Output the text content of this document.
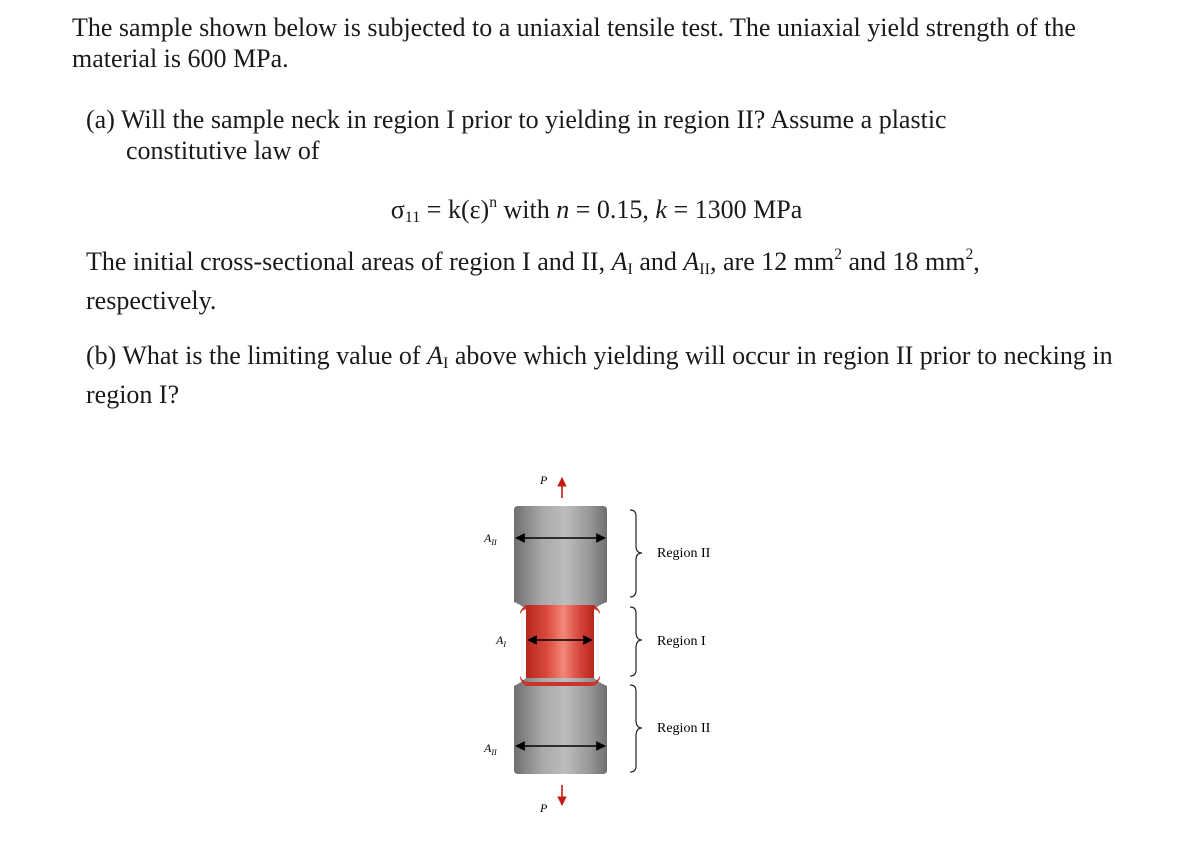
The sample shown below is subjected to a uniaxial tensile test. The uniaxial yield strength of the material is 600 MPa.

(a) Will the sample neck in region I prior to yielding in region II? Assume a plastic
constitutive law of
$\sigma_{11} = k(\varepsilon)^n$ with n = 0.15, k = 1300 MPa
The initial cross-sectional areas of region I and II, $A_I$ and $A_{II}$, are 12 $mm^2$ and 18 $mm^2$,
respectively.
(b) What is the limiting value of $A_I$ above which yielding will occur in region II prior to necking in region I?
P
P
$A_{II}$
$A_I$
$A_{II}$
Region II
Region I
Region II
